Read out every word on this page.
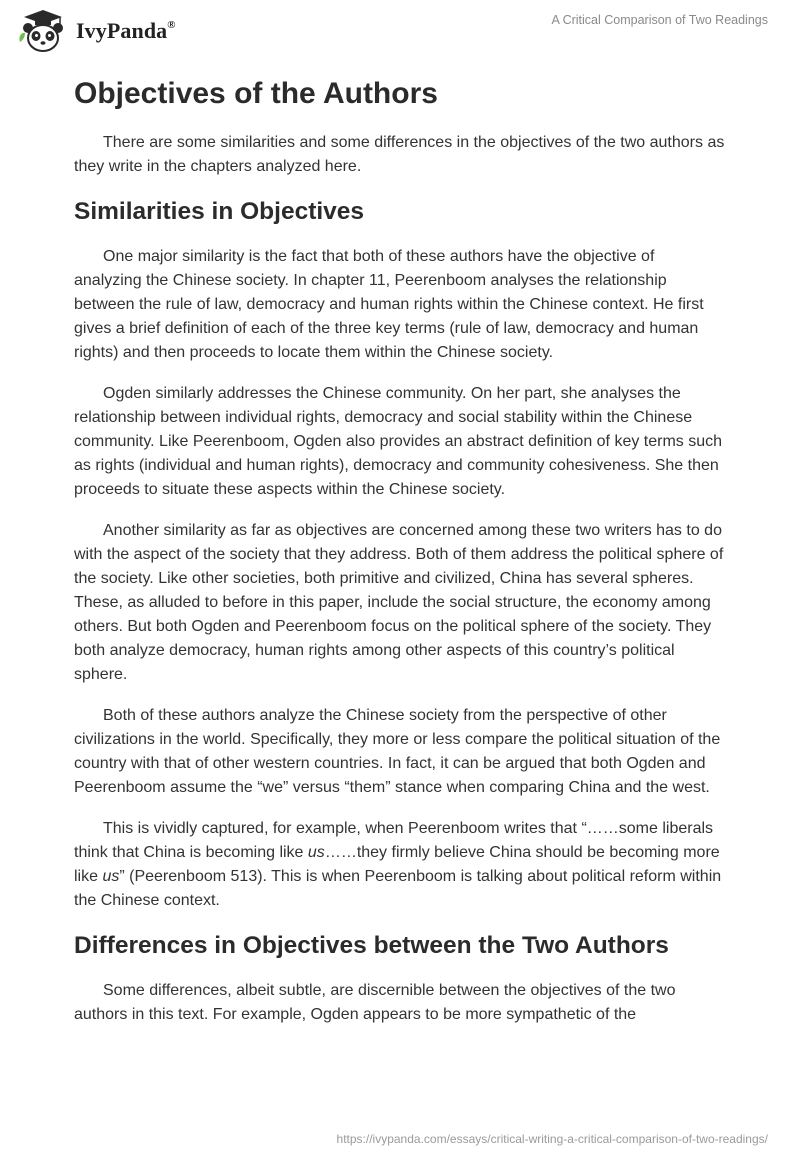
IvyPanda®	A Critical Comparison of Two Readings
Objectives of the Authors

There are some similarities and some differences in the objectives of the two authors as they write in the chapters analyzed here.

Similarities in Objectives

One major similarity is the fact that both of these authors have the objective of analyzing the Chinese society. In chapter 11, Peerenboom analyses the relationship between the rule of law, democracy and human rights within the Chinese context. He first gives a brief definition of each of the three key terms (rule of law, democracy and human rights) and then proceeds to locate them within the Chinese society.

Ogden similarly addresses the Chinese community. On her part, she analyses the relationship between individual rights, democracy and social stability within the Chinese community. Like Peerenboom, Ogden also provides an abstract definition of key terms such as rights (individual and human rights), democracy and community cohesiveness. She then proceeds to situate these aspects within the Chinese society.

Another similarity as far as objectives are concerned among these two writers has to do with the aspect of the society that they address. Both of them address the political sphere of the society. Like other societies, both primitive and civilized, China has several spheres. These, as alluded to before in this paper, include the social structure, the economy among others. But both Ogden and Peerenboom focus on the political sphere of the society. They both analyze democracy, human rights among other aspects of this country’s political sphere.

Both of these authors analyze the Chinese society from the perspective of other civilizations in the world. Specifically, they more or less compare the political situation of the country with that of other western countries. In fact, it can be argued that both Ogden and Peerenboom assume the “we” versus “them” stance when comparing China and the west.

This is vividly captured, for example, when Peerenboom writes that “……some liberals think that China is becoming like us……they firmly believe China should be becoming more like us” (Peerenboom 513). This is when Peerenboom is talking about political reform within the Chinese context.

Differences in Objectives between the Two Authors

Some differences, albeit subtle, are discernible between the objectives of the two authors in this text. For example, Ogden appears to be more sympathetic of the

https://ivypanda.com/essays/critical-writing-a-critical-comparison-of-two-readings/
